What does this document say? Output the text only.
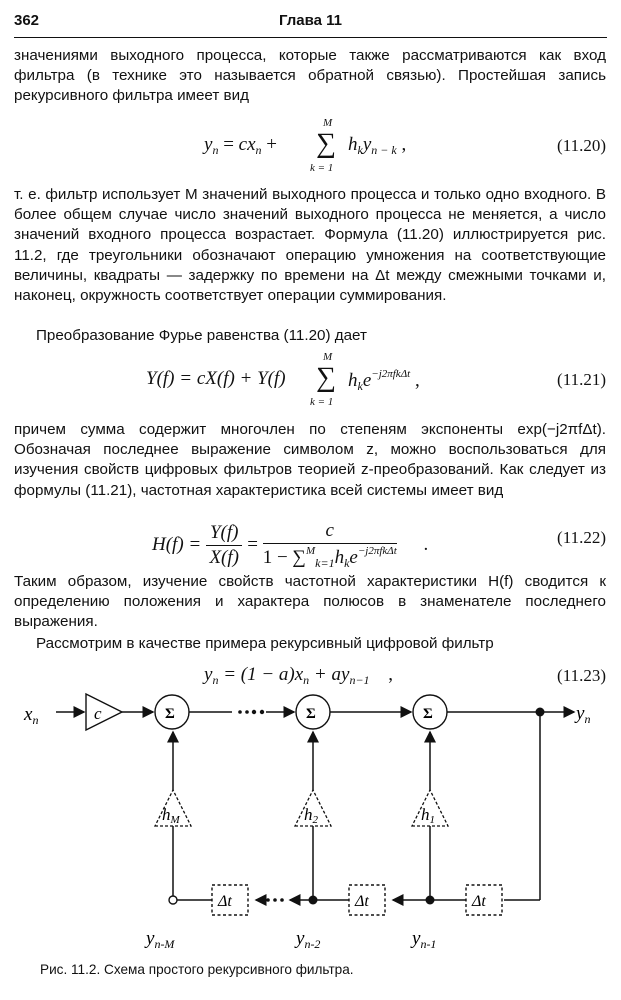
362	Глава 11

значениями выходного процесса, которые также рассматриваются как вход фильтра (в технике это называется обратной связью). Простейшая запись рекурсивного фильтра имеет вид

$y_n = cx_n$ + ∑
M
k = 1
$h_ky_{n - k}$ ,	(11.20)

т. е. фильтр использует M значений выходного процесса и только одно входного. В более общем случае число значений выходного процесса не меняется, а число значений входного процесса возрастает. Формула (11.20) иллюстрируется рис. 11.2, где треугольники обозначают операцию умножения на соответствующие величины, квадраты — задержку по времени на Δt между смежными точками и, наконец, окружность соответствует операции суммирования.

Преобразование Фурье равенства (11.20) дает

Y(f) = cX(f) + Y(f) ∑
M
k = 1
$h_ke^{-j2\pi fk\Delta t}$ ,	(11.21)

причем сумма содержит многочлен по степеням экспоненты exp(−j2πfΔt). Обозначая последнее выражение символом z, можно воспользоваться для изучения свойств цифровых фильтров теорией z-преобразований. Как следует из формулы (11.21), частотная характеристика всей системы имеет вид

$H(f) = \frac{Y(f)}{X(f)} = \frac{c}{1 - \sum^M_{k=1}h_ke^{-j2\pi fk\Delta t}}$ .	(11.22)

Таким образом, изучение свойств частотной характеристики H(f) сводится к определению положения и характера полюсов в знаменателе последнего выражения.

Рассмотрим в качестве примера рекурсивный цифровой фильтр

$y_n = (1 - a)x_n + ay_{n-1}$ ,	(11.23)
$x_n$	c	Σ	Σ	Σ	$y_n$
Δt
Δt
Δt
hM	h2	h1
$y_{n-M}$	$y_{n-2}$	$y_{n-1}$
Рис. 11.2. Схема простого рекурсивного фильтра.
